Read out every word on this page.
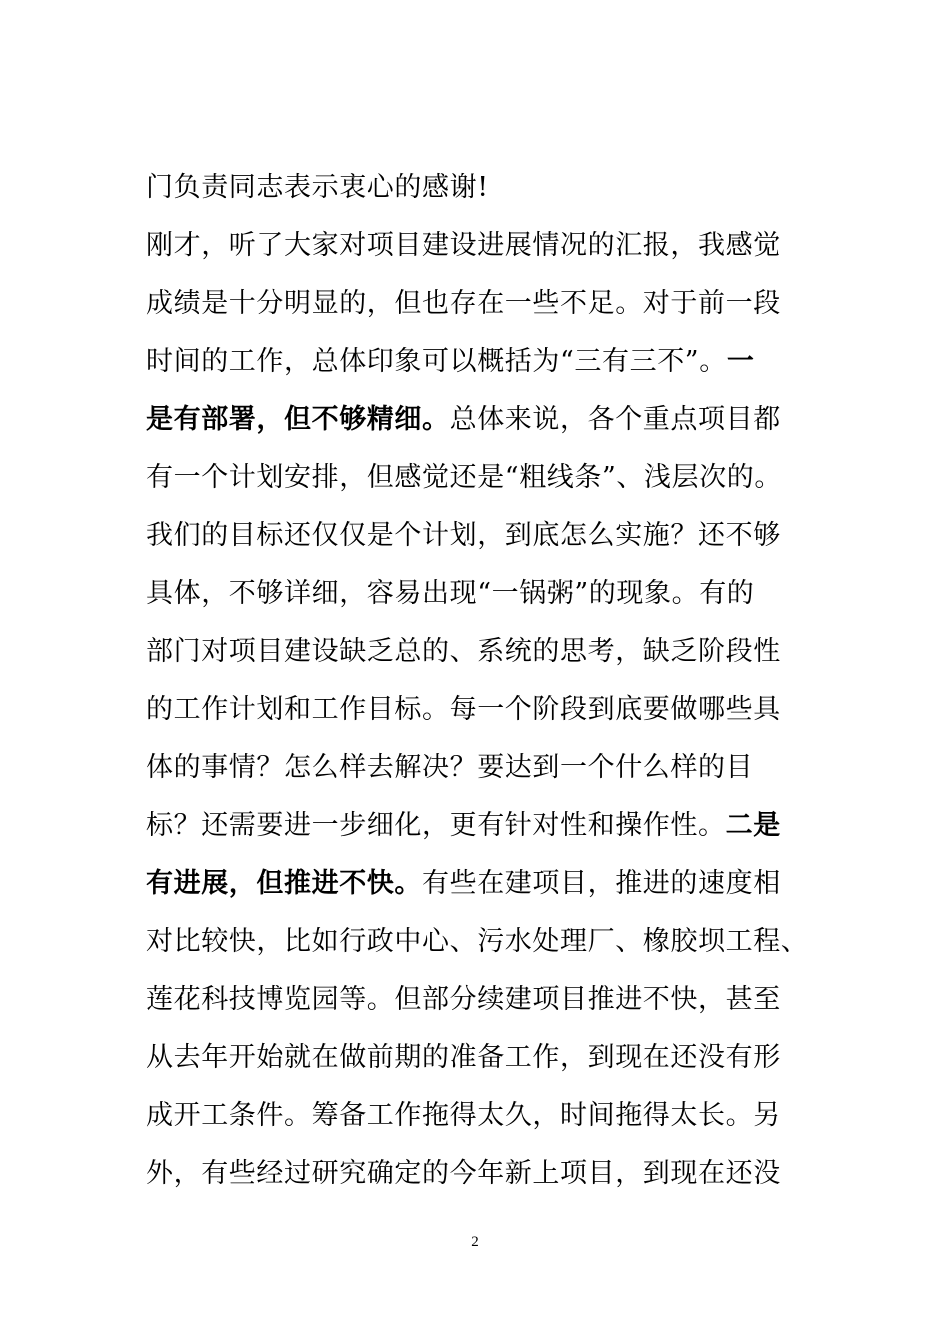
门负责同志表示衷心的感谢!
刚才，听了大家对项目建设进展情况的汇报，我感觉
成绩是十分明显的，但也存在一些不足。对于前一段
时间的工作，总体印象可以概括为“三有三不”。一
是有部署，但不够精细。总体来说，各个重点项目都
有一个计划安排，但感觉还是“粗线条”、浅层次的。
我们的目标还仅仅是个计划，到底怎么实施？还不够
具体，不够详细，容易出现“一锅粥”的现象。有的
部门对项目建设缺乏总的、系统的思考，缺乏阶段性
的工作计划和工作目标。每一个阶段到底要做哪些具
体的事情？怎么样去解决？要达到一个什么样的目
标？还需要进一步细化，更有针对性和操作性。二是
有进展，但推进不快。有些在建项目，推进的速度相
对比较快，比如行政中心、污水处理厂、橡胶坝工程、
莲花科技博览园等。但部分续建项目推进不快，甚至
从去年开始就在做前期的准备工作，到现在还没有形
成开工条件。筹备工作拖得太久，时间拖得太长。另
外，有些经过研究确定的今年新上项目，到现在还没
2
